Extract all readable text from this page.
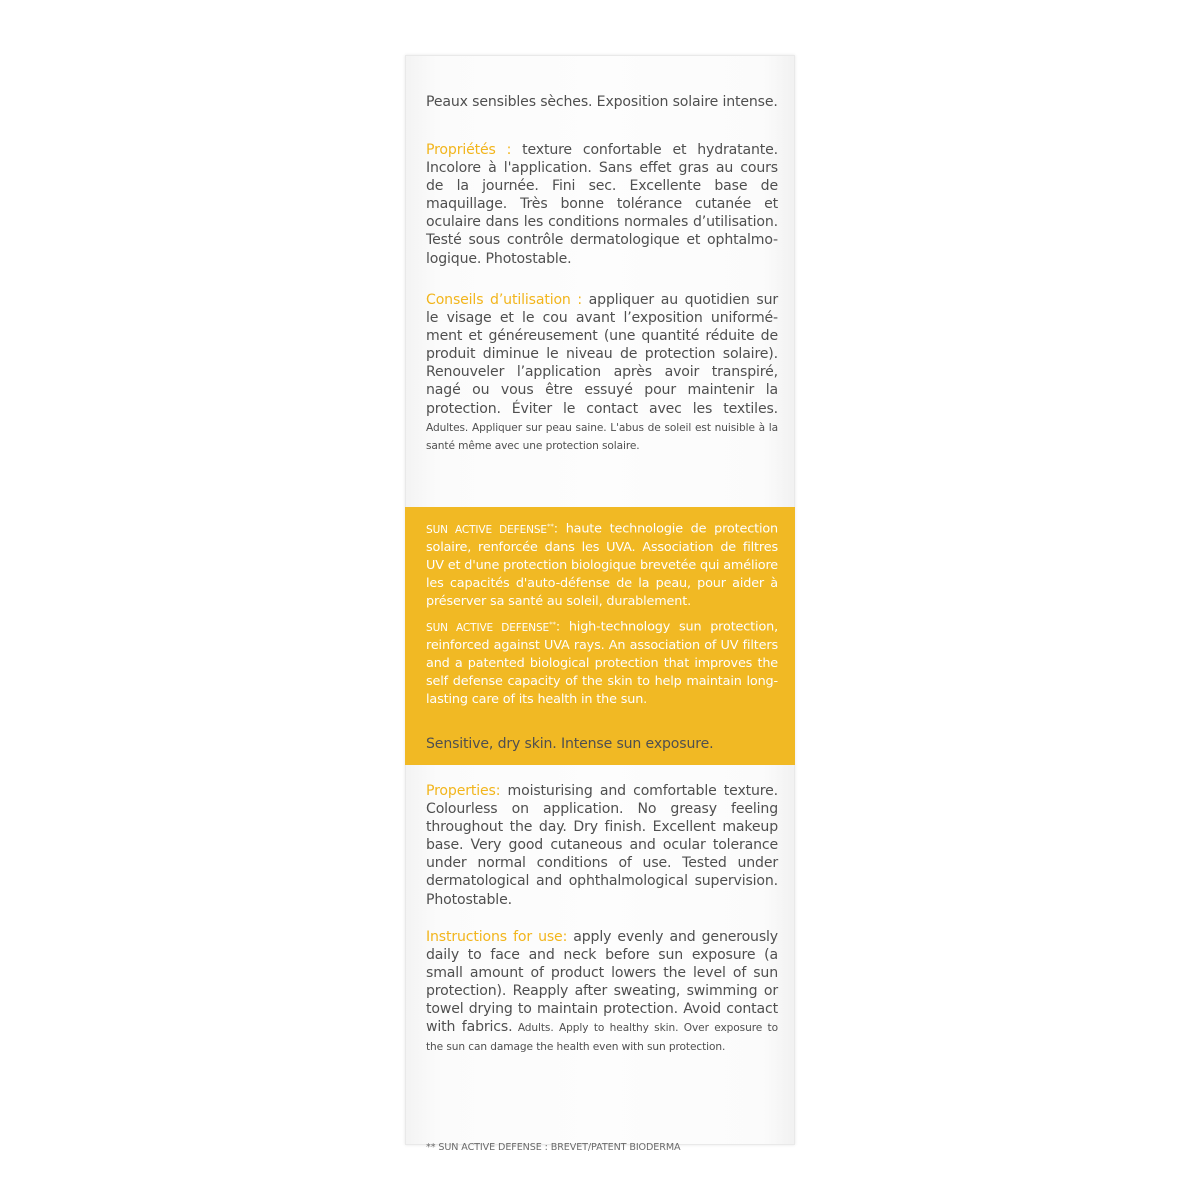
Peaux sensibles sèches. Exposition solaire intense.

Propriétés : texture confortable et hydratante. Incolore à l'application. Sans effet gras au cours de la journée. Fini sec. Excellente base de maquillage. Très bonne tolérance cutanée et oculaire dans les conditions normales d’utilisation. Testé sous contrôle dermatologique et ophtalmo-logique. Photostable.

Conseils d’utilisation : appliquer au quotidien sur le visage et le cou avant l’exposition uniformé-ment et généreusement (une quantité réduite de produit diminue le niveau de protection solaire). Renouveler l’application après avoir transpiré, nagé ou vous être essuyé pour maintenir la protection. Éviter le contact avec les textiles. Adultes. Appliquer sur peau saine. L'abus de soleil est nuisible à la santé même avec une protection solaire.

SUN ACTIVE DEFENSE**: haute technologie de protection solaire, renforcée dans les UVA. Association de filtres UV et d'une protection biologique brevetée qui améliore les capacités d'auto-défense de la peau, pour aider à préserver sa santé au soleil, durablement.

SUN ACTIVE DEFENSE**: high-technology sun protection, reinforced against UVA rays. An association of UV filters and a patented biological protection that improves the self defense capacity of the skin to help maintain long-lasting care of its health in the sun.

Sensitive, dry skin. Intense sun exposure.

Properties: moisturising and comfortable texture. Colourless on application. No greasy feeling throughout the day. Dry finish. Excellent makeup base. Very good cutaneous and ocular tolerance under normal conditions of use. Tested under dermatological and ophthalmological supervision. Photostable.

Instructions for use: apply evenly and generously daily to face and neck before sun exposure (a small amount of product lowers the level of sun protection). Reapply after sweating, swimming or towel drying to maintain protection. Avoid contact with fabrics. Adults. Apply to healthy skin. Over exposure to the sun can damage the health even with sun protection.

** SUN ACTIVE DEFENSE : BREVET/PATENT BIODERMA
